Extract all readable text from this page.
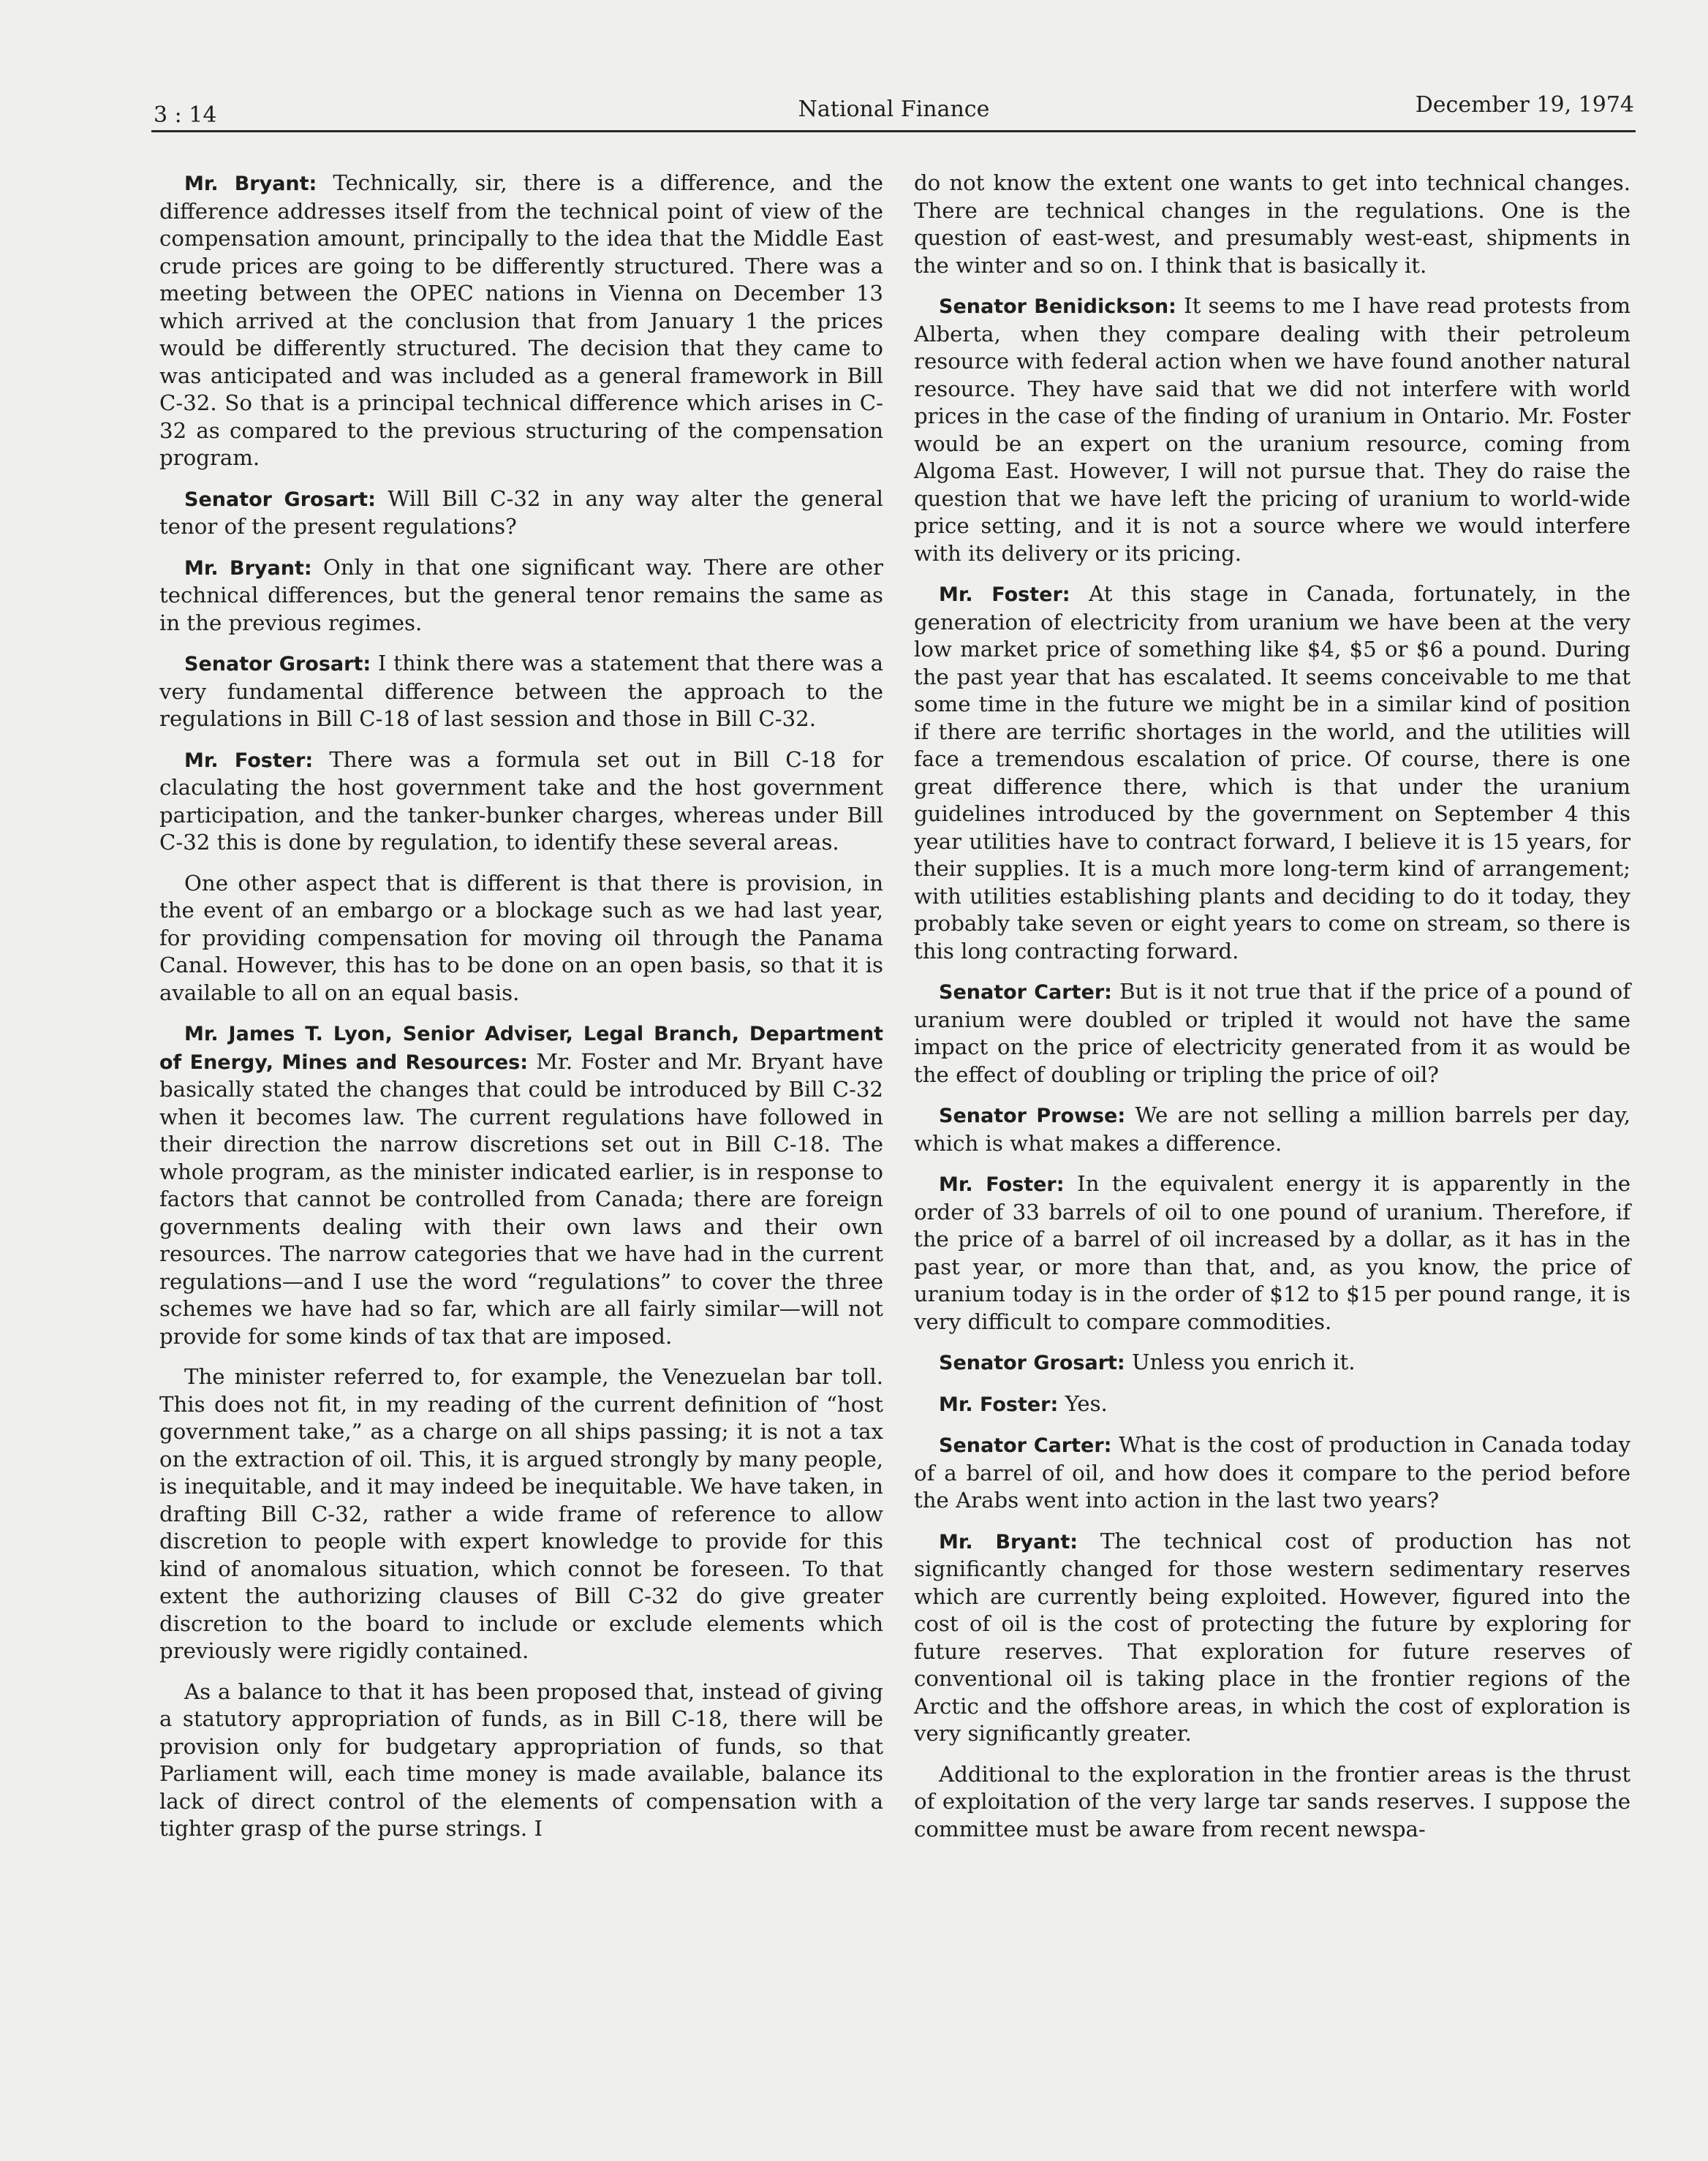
3 : 14	National Finance	December 19, 1974

Mr. Bryant: Technically, sir, there is a difference, and the difference addresses itself from the technical point of view of the compensation amount, principally to the idea that the Middle East crude prices are going to be differently structured. There was a meeting between the OPEC nations in Vienna on December 13 which arrived at the conclusion that from January 1 the prices would be differently structured. The decision that they came to was anticipated and was included as a general framework in Bill C-32. So that is a principal technical difference which arises in C-32 as compared to the previous structuring of the compensation program.

Senator Grosart: Will Bill C-32 in any way alter the general tenor of the present regulations?

Mr. Bryant: Only in that one significant way. There are other technical differences, but the general tenor remains the same as in the previous regimes.

Senator Grosart: I think there was a statement that there was a very fundamental difference between the approach to the regulations in Bill C-18 of last session and those in Bill C-32.

Mr. Foster: There was a formula set out in Bill C-18 for claculating the host government take and the host government participation, and the tanker-bunker charges, whereas under Bill C-32 this is done by regulation, to identify these several areas.

One other aspect that is different is that there is provision, in the event of an embargo or a blockage such as we had last year, for providing compensation for moving oil through the Panama Canal. However, this has to be done on an open basis, so that it is available to all on an equal basis.

Mr. James T. Lyon, Senior Adviser, Legal Branch, Department of Energy, Mines and Resources: Mr. Foster and Mr. Bryant have basically stated the changes that could be introduced by Bill C-32 when it becomes law. The current regulations have followed in their direction the narrow discretions set out in Bill C-18. The whole program, as the minister indicated earlier, is in response to factors that cannot be controlled from Canada; there are foreign governments dealing with their own laws and their own resources. The narrow categories that we have had in the current regulations—and I use the word “regulations” to cover the three schemes we have had so far, which are all fairly similar—will not provide for some kinds of tax that are imposed.

The minister referred to, for example, the Venezuelan bar toll. This does not fit, in my reading of the current definition of “host government take,” as a charge on all ships passing; it is not a tax on the extraction of oil. This, it is argued strongly by many people, is inequitable, and it may indeed be inequitable. We have taken, in drafting Bill C-32, rather a wide frame of reference to allow discretion to people with expert knowledge to provide for this kind of anomalous situation, which connot be foreseen. To that extent the authorizing clauses of Bill C-32 do give greater discretion to the board to include or exclude elements which previously were rigidly contained.

As a balance to that it has been proposed that, instead of giving a statutory appropriation of funds, as in Bill C-18, there will be provision only for budgetary appropriation of funds, so that Parliament will, each time money is made available, balance its lack of direct control of the elements of compensation with a tighter grasp of the purse strings. I

do not know the extent one wants to get into technical changes. There are technical changes in the regulations. One is the question of east-west, and presumably west-east, shipments in the winter and so on. I think that is basically it.

Senator Benidickson: It seems to me I have read protests from Alberta, when they compare dealing with their petroleum resource with federal action when we have found another natural resource. They have said that we did not interfere with world prices in the case of the finding of uranium in Ontario. Mr. Foster would be an expert on the uranium resource, coming from Algoma East. However, I will not pursue that. They do raise the question that we have left the pricing of uranium to world-wide price setting, and it is not a source where we would interfere with its delivery or its pricing.

Mr. Foster: At this stage in Canada, fortunately, in the generation of electricity from uranium we have been at the very low market price of something like $4, $5 or $6 a pound. During the past year that has escalated. It seems conceivable to me that some time in the future we might be in a similar kind of position if there are terrific shortages in the world, and the utilities will face a tremendous escalation of price. Of course, there is one great difference there, which is that under the uranium guidelines introduced by the government on September 4 this year utilities have to contract forward, I believe it is 15 years, for their supplies. It is a much more long-term kind of arrangement; with utilities establishing plants and deciding to do it today, they probably take seven or eight years to come on stream, so there is this long contracting forward.

Senator Carter: But is it not true that if the price of a pound of uranium were doubled or tripled it would not have the same impact on the price of electricity generated from it as would be the effect of doubling or tripling the price of oil?

Senator Prowse: We are not selling a million barrels per day, which is what makes a difference.

Mr. Foster: In the equivalent energy it is apparently in the order of 33 barrels of oil to one pound of uranium. Therefore, if the price of a barrel of oil increased by a dollar, as it has in the past year, or more than that, and, as you know, the price of uranium today is in the order of $12 to $15 per pound range, it is very difficult to compare commodities.

Senator Grosart: Unless you enrich it.

Mr. Foster: Yes.

Senator Carter: What is the cost of production in Canada today of a barrel of oil, and how does it compare to the period before the Arabs went into action in the last two years?

Mr. Bryant: The technical cost of production has not significantly changed for those western sedimentary reserves which are currently being exploited. However, figured into the cost of oil is the cost of protecting the future by exploring for future reserves. That exploration for future reserves of conventional oil is taking place in the frontier regions of the Arctic and the offshore areas, in which the cost of exploration is very significantly greater.

Additional to the exploration in the frontier areas is the thrust of exploitation of the very large tar sands reserves. I suppose the committee must be aware from recent newspa-
